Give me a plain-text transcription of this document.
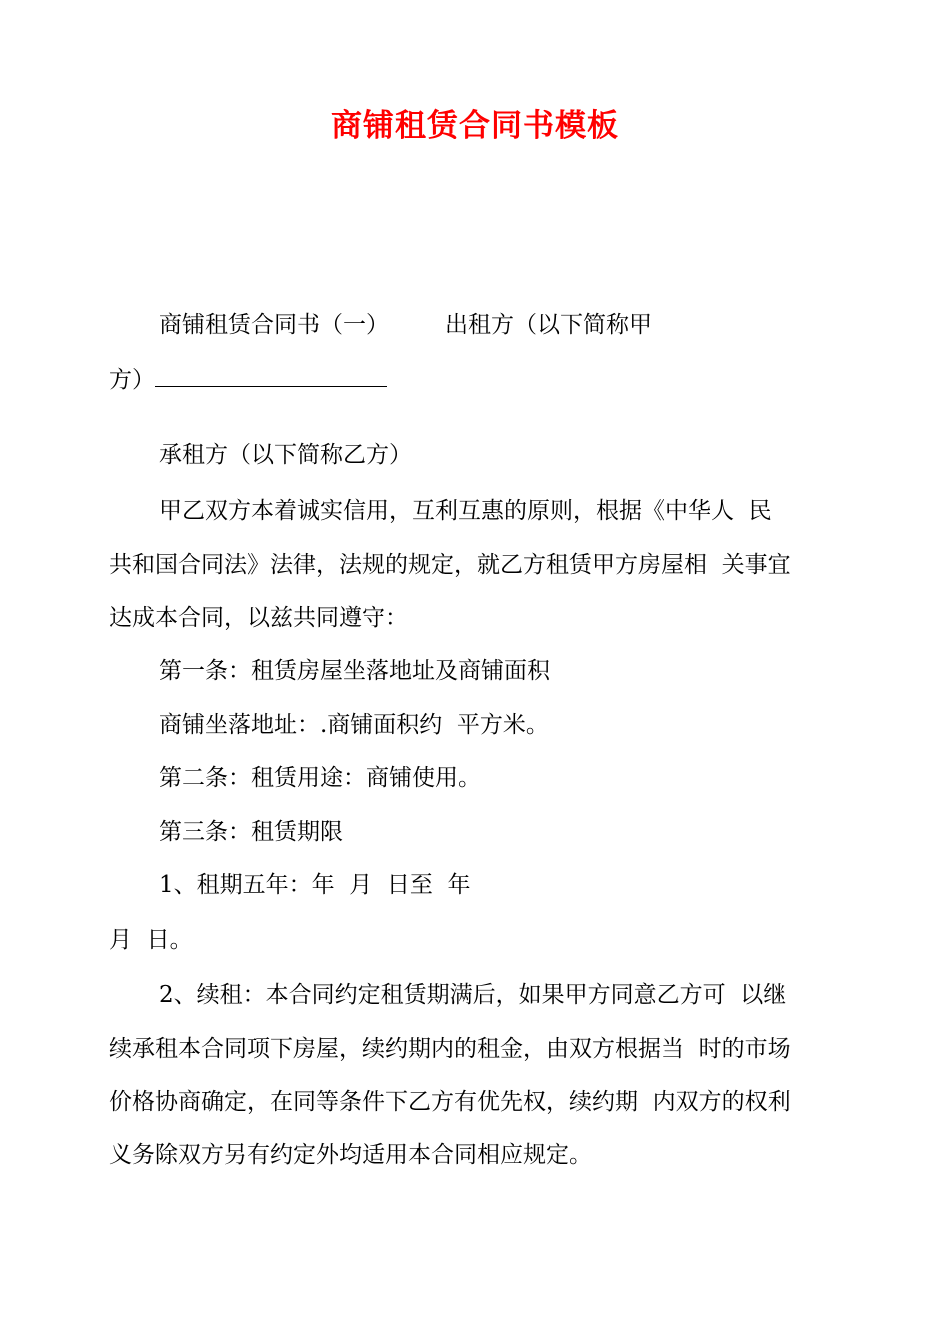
商铺租赁合同书模板

商铺租赁合同书（一） 出租方（以下简称甲

方）

承租方（以下简称乙方）

甲乙双方本着诚实信用，互利互惠的原则，根据《中华人  民

共和国合同法》法律，法规的规定，就乙方租赁甲方房屋相  关事宜

达成本合同，以兹共同遵守：

第一条：租赁房屋坐落地址及商铺面积

商铺坐落地址：.商铺面积约  平方米。

第二条：租赁用途：商铺使用。

第三条：租赁期限

1、租期五年：年  月  日至  年

月  日。

2、续租：本合同约定租赁期满后，如果甲方同意乙方可  以继

续承租本合同项下房屋，续约期内的租金，由双方根据当  时的市场

价格协商确定，在同等条件下乙方有优先权，续约期  内双方的权利

义务除双方另有约定外均适用本合同相应规定。
